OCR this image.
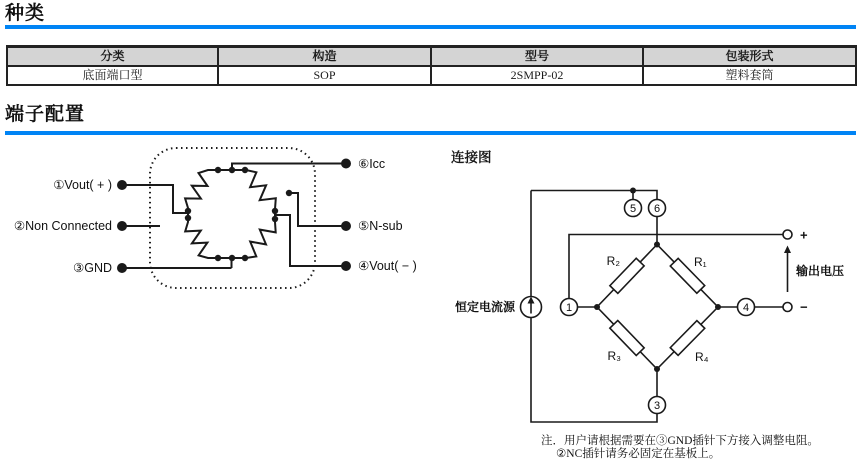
种类
分类	构造	型号	包装形式
底面端口型	SOP	2SMPP-02	塑料套筒
端子配置
①Vout( + )
②Non Connected
③GND
⑥Icc
⑤N-sub
④Vout( − )
连接图
R₂	R₁
R₃	R₄
5 6
1	4
3
+
−
恒定电流源
输出电压
注．用户请根据需要在③GND插针下方接入调整电阻。
②NC插针请务必固定在基板上。
